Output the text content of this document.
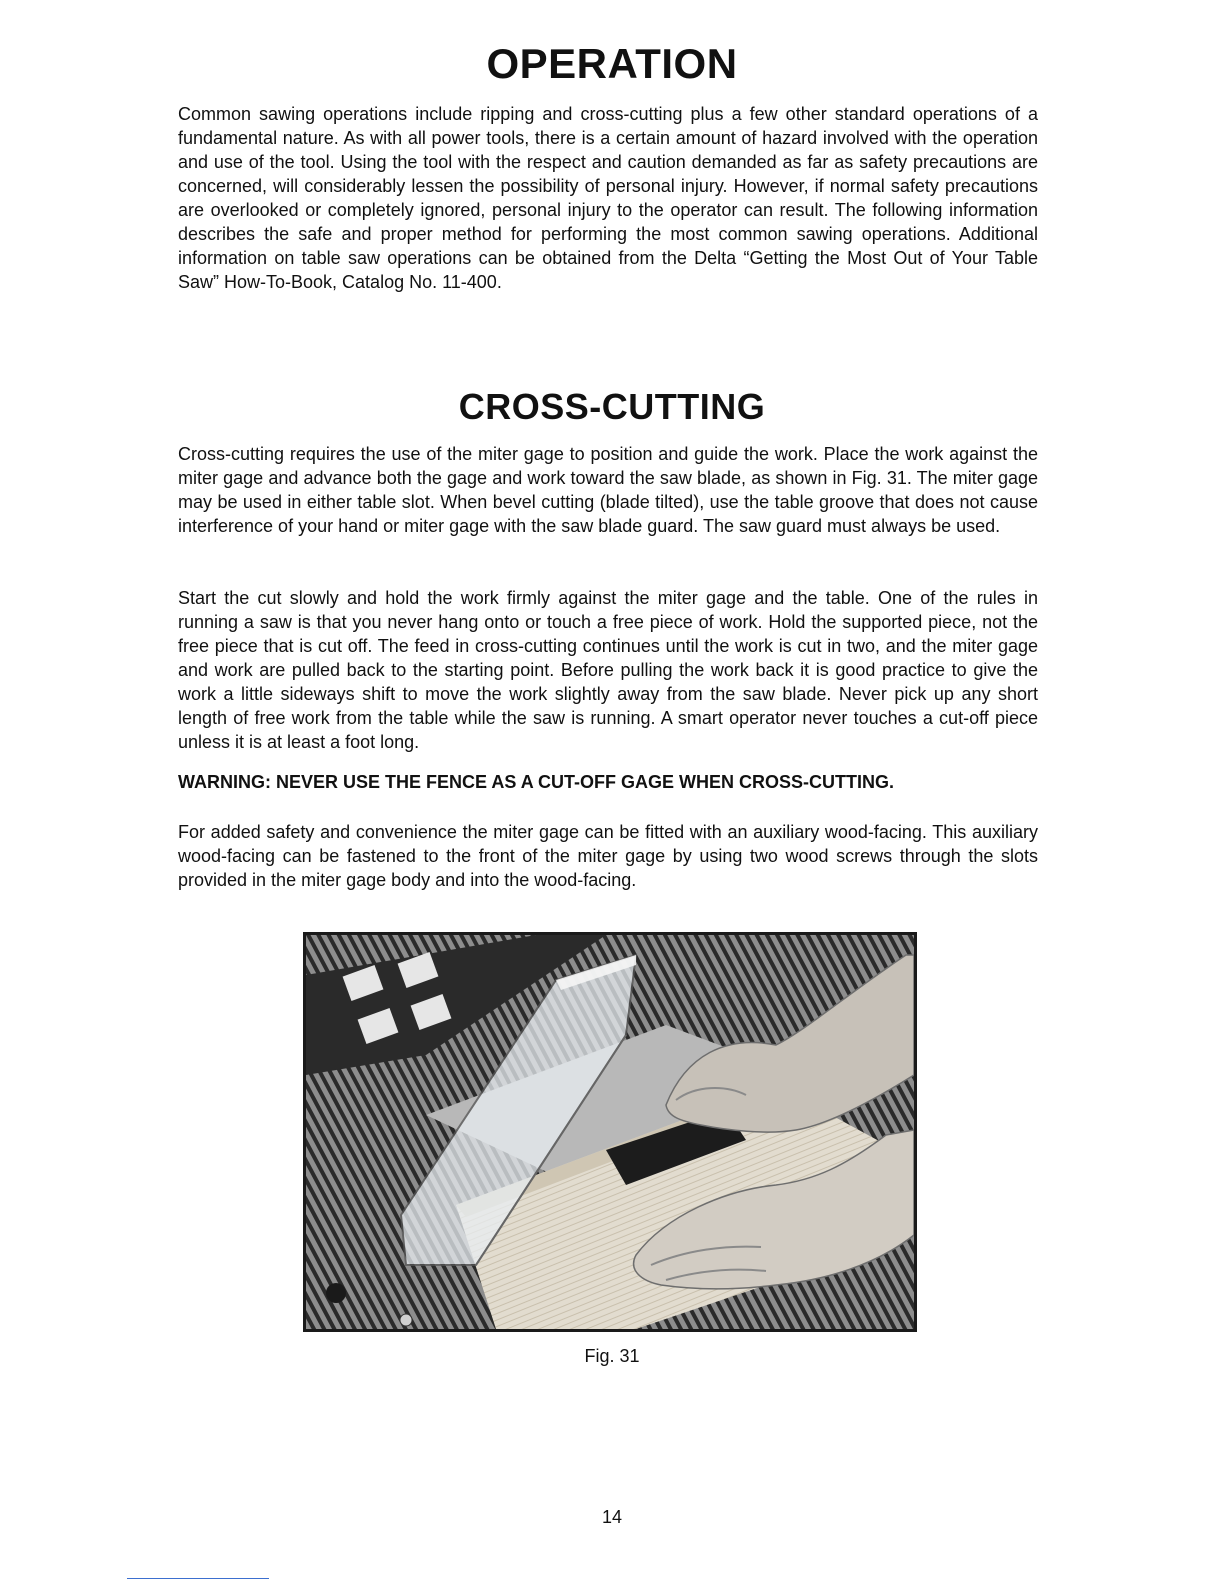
OPERATION

Common sawing operations include ripping and cross-cutting plus a few other standard operations of a fundamental nature. As with all power tools, there is a certain amount of hazard involved with the operation and use of the tool. Using the tool with the respect and caution demanded as far as safety precautions are concerned, will considerably lessen the possibility of personal injury. However, if normal safety precautions are overlooked or completely ignored, personal injury to the operator can result. The following information describes the safe and proper method for performing the most common sawing operations. Additional information on table saw operations can be obtained from the Delta “Getting the Most Out of Your Table Saw” How-To-Book, Catalog No. 11-400.

CROSS-CUTTING

Cross-cutting requires the use of the miter gage to position and guide the work. Place the work against the miter gage and advance both the gage and work toward the saw blade, as shown in Fig. 31. The miter gage may be used in either table slot. When bevel cutting (blade tilted), use the table groove that does not cause interference of your hand or miter gage with the saw blade guard. The saw guard must always be used.

Start the cut slowly and hold the work firmly against the miter gage and the table. One of the rules in running a saw is that you never hang onto or touch a free piece of work. Hold the supported piece, not the free piece that is cut off. The feed in cross-cutting continues until the work is cut in two, and the miter gage and work are pulled back to the starting point. Before pulling the work back it is good practice to give the work a little sideways shift to move the work slightly away from the saw blade. Never pick up any short length of free work from the table while the saw is running. A smart operator never touches a cut-off piece unless it is at least a foot long.

WARNING: NEVER USE THE FENCE AS A CUT-OFF GAGE WHEN CROSS-CUTTING.

For added safety and convenience the miter gage can be fitted with an auxiliary wood-facing. This auxiliary wood-facing can be fastened to the front of the miter gage by using two wood screws through the slots provided in the miter gage body and into the wood-facing.

Fig. 31

14
